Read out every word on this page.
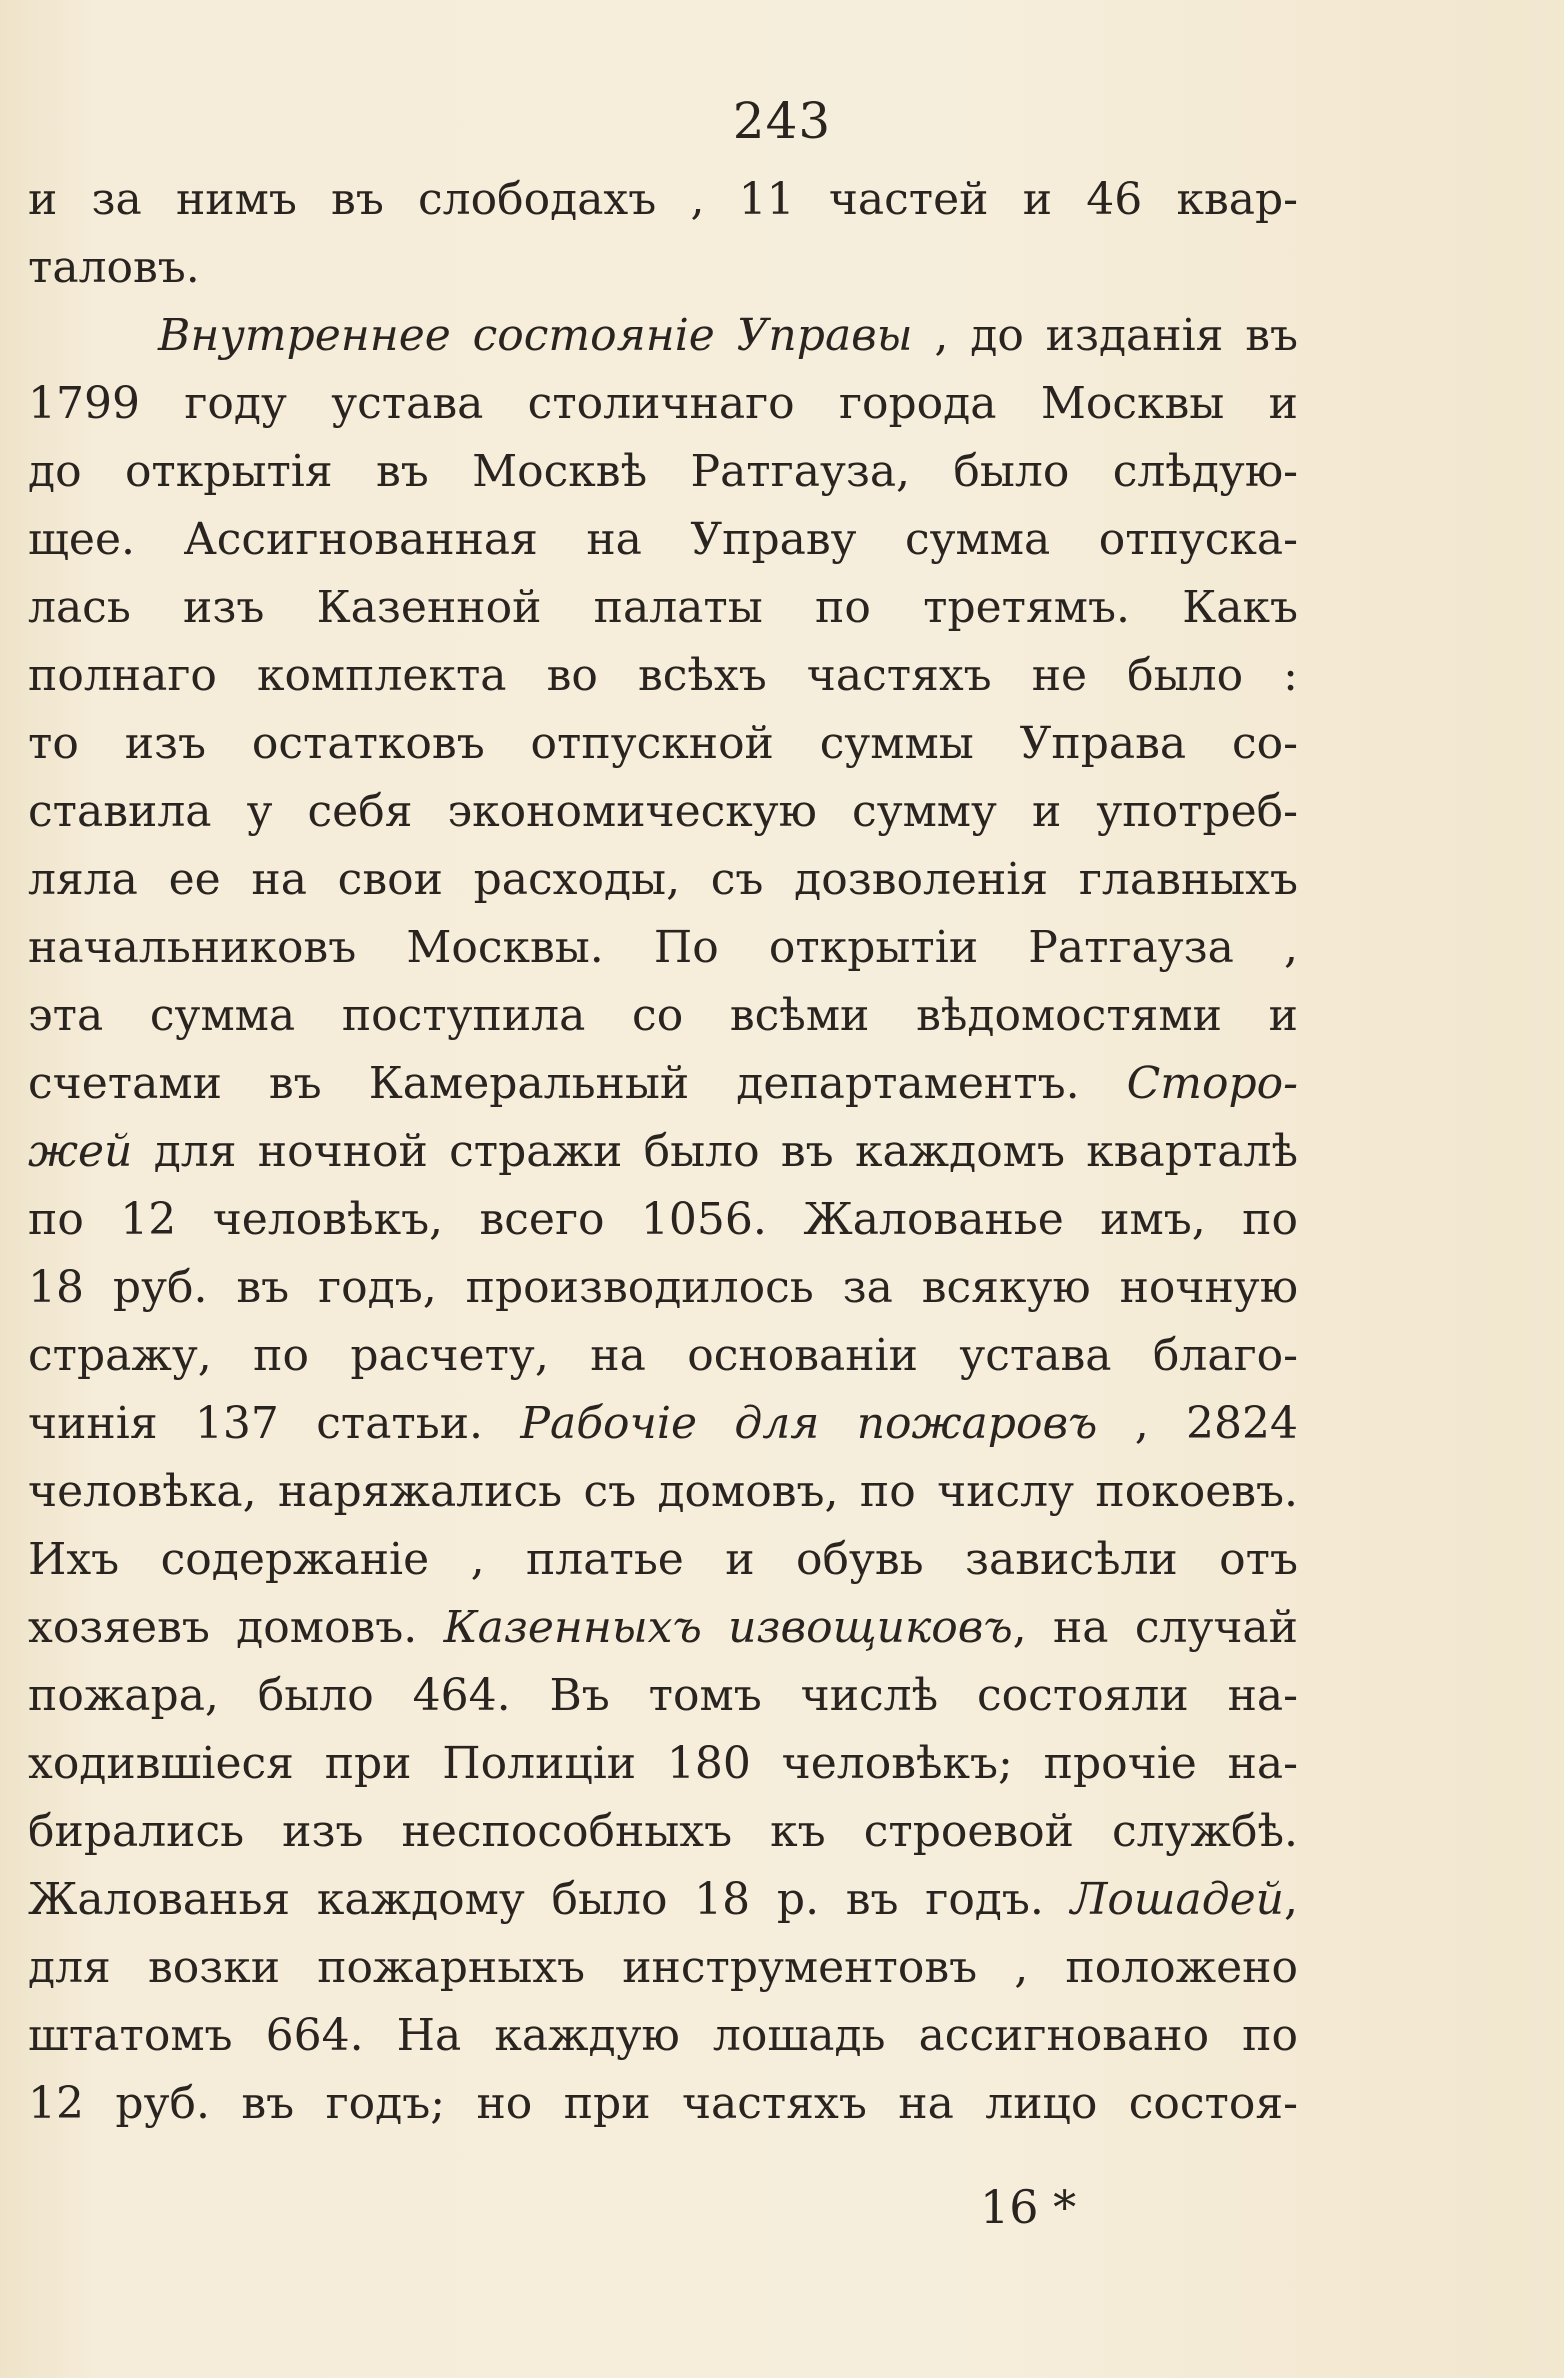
243
и за нимъ въ слободахъ , 11 частей и 46 квар-
таловъ.
Внутреннее состояніе Управы , до изданія въ
1799 году устава столичнаго города Москвы и
до открытія въ Москвѣ Ратгауза, было слѣдую-
щее. Ассигнованная на Управу сумма отпуска-
лась изъ Казенной палаты по третямъ. Какъ
полнаго комплекта во всѣхъ частяхъ не было :
то изъ остатковъ отпускной суммы Управа со-
ставила у себя экономическую сумму и употреб-
ляла ее на свои расходы, съ дозволенія главныхъ
начальниковъ Москвы. По открытіи Ратгауза ,
эта сумма поступила со всѣми вѣдомостями и
счетами въ Камеральный департаментъ. Сторо-
жей для ночной стражи было въ каждомъ кварталѣ
по 12 человѣкъ, всего 1056. Жалованье имъ, по
18 руб. въ годъ, производилось за всякую ночную
стражу, по расчету, на основаніи устава благо-
чинія 137 статьи. Рабочіе для пожаровъ , 2824
человѣка, наряжались съ домовъ, по числу покоевъ.
Ихъ содержаніе , платье и обувь зависѣли отъ
хозяевъ домовъ. Казенныхъ извощиковъ, на случай
пожара, было 464. Въ томъ числѣ состояли на-
ходившіеся при Полиціи 180 человѣкъ; прочіе на-
бирались изъ неспособныхъ къ строевой службѣ.
Жалованья каждому было 18 р. въ годъ. Лошадей,
для возки пожарныхъ инструментовъ , положено
штатомъ 664. На каждую лошадь ассигновано по
12 руб. въ годъ; но при частяхъ на лицо состоя-
16 *
